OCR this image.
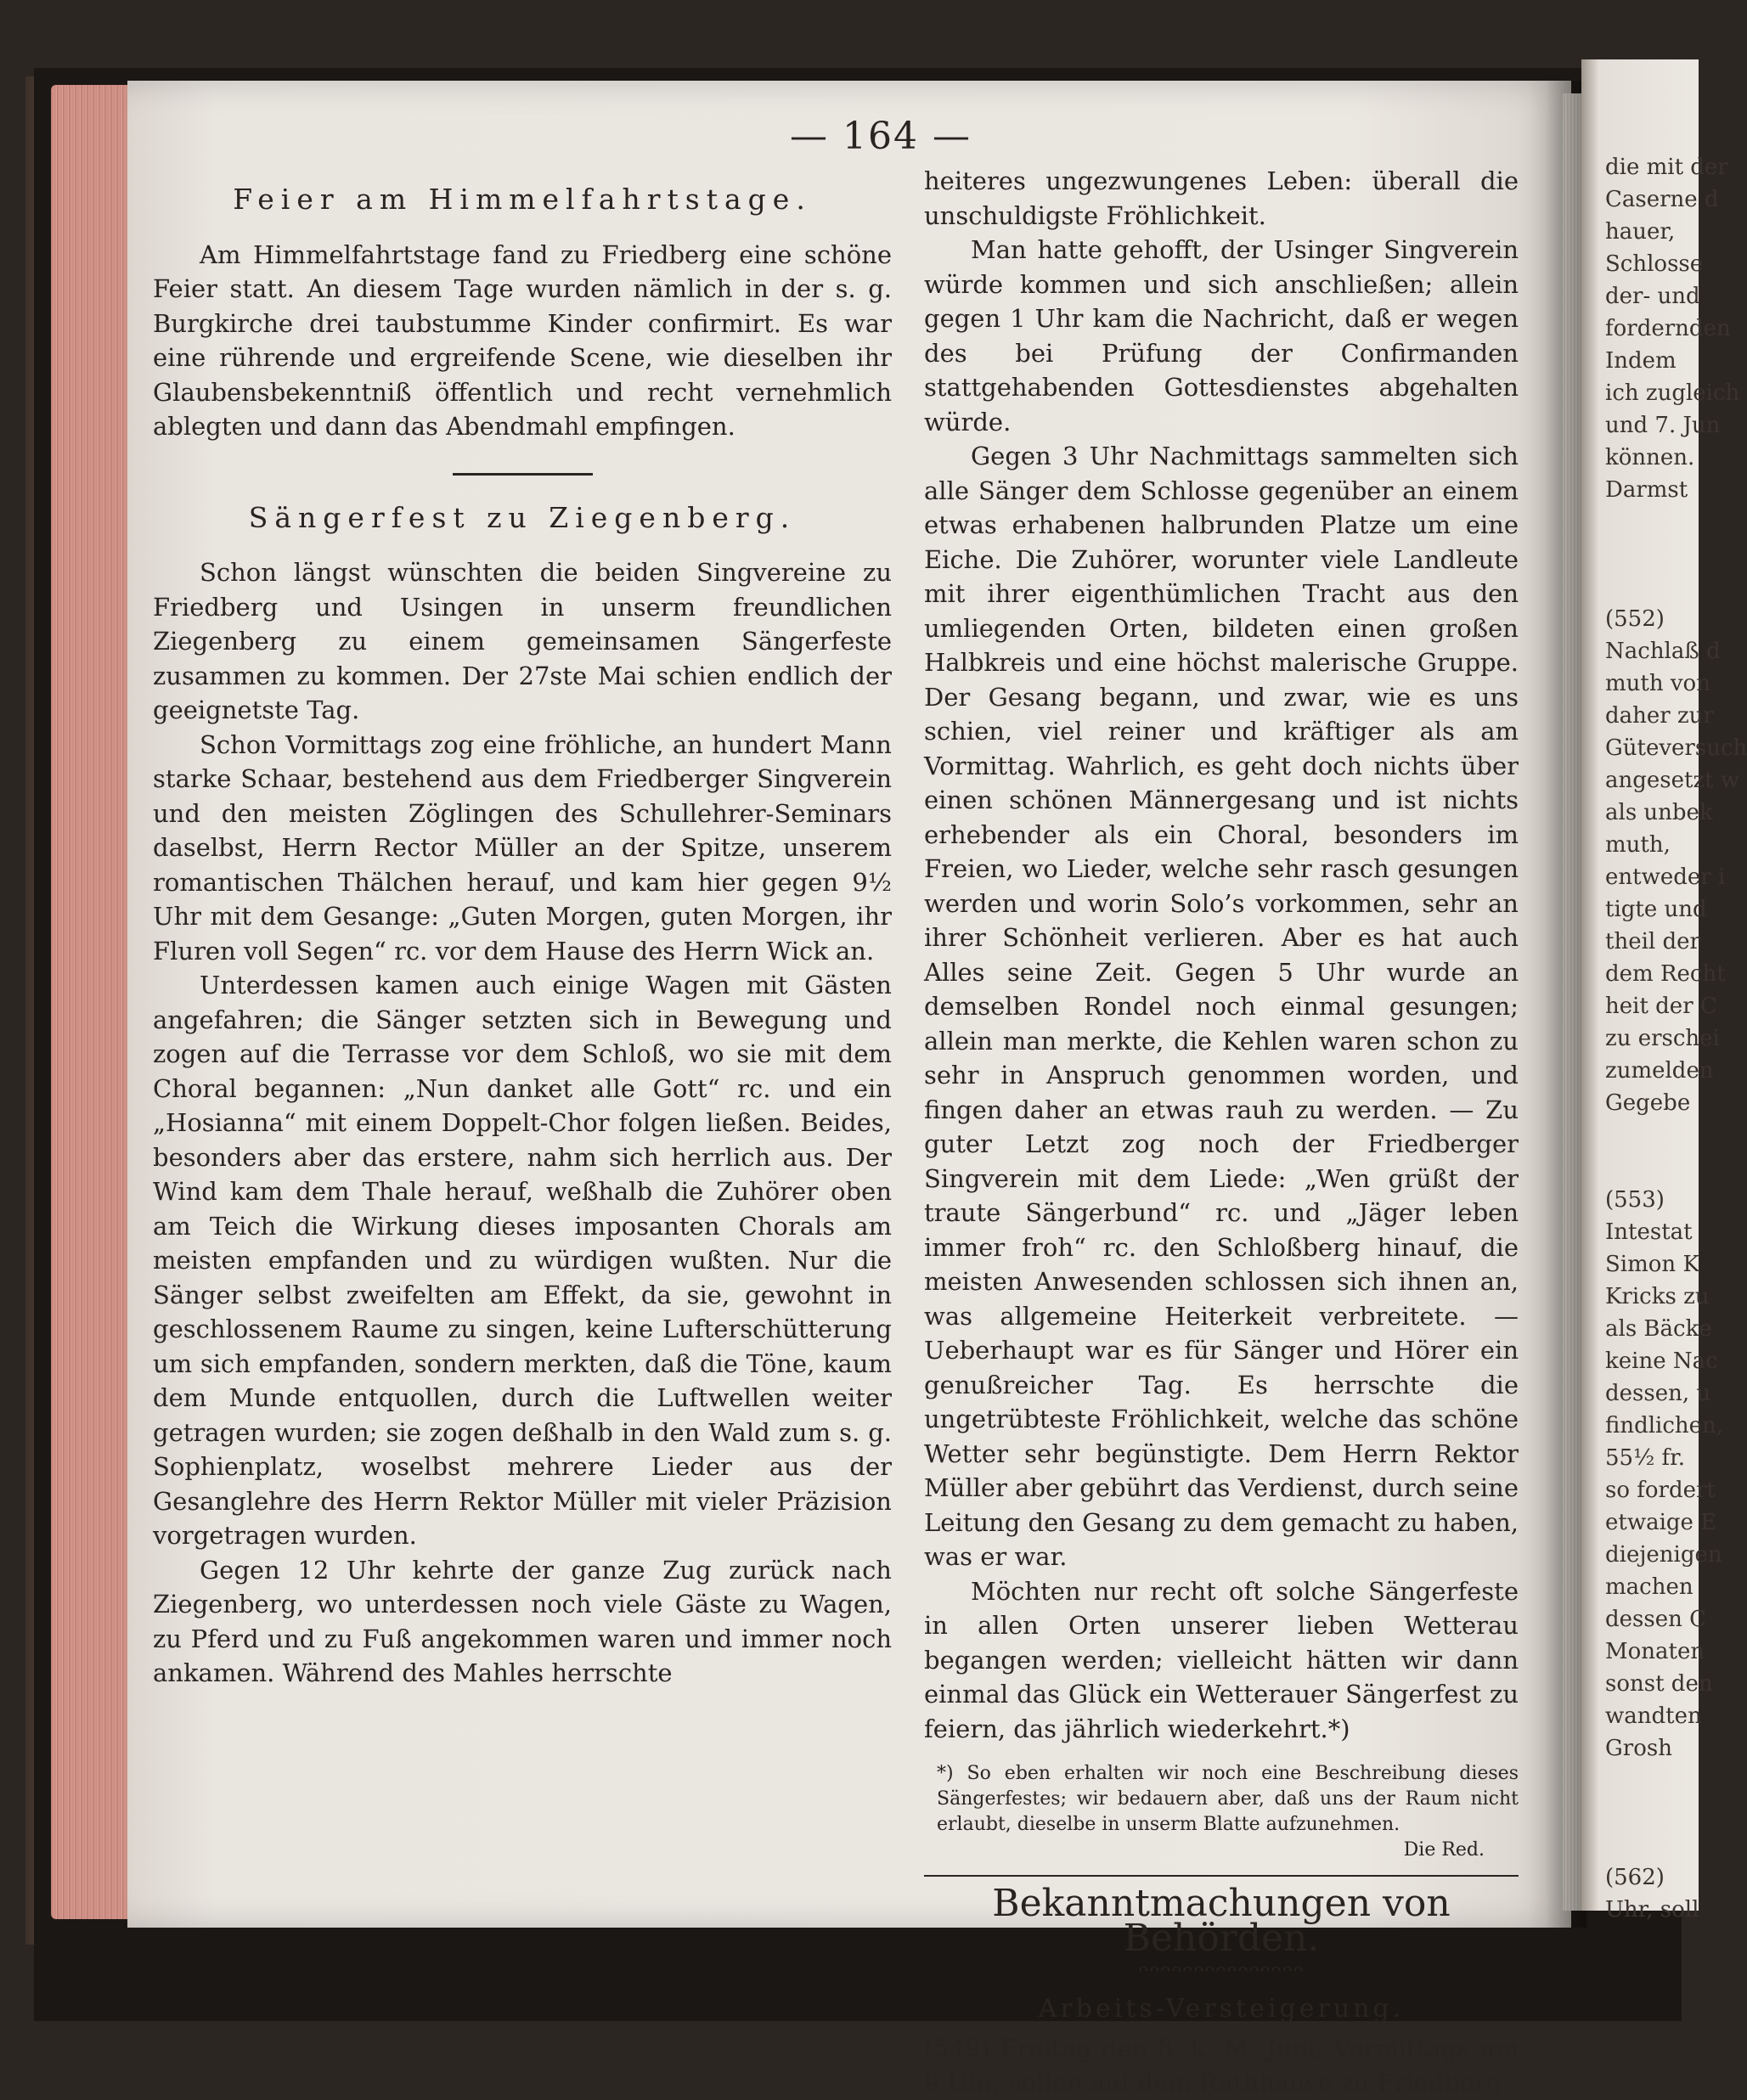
die mit der
Caserne d
hauer,
Schlosse
der- und
fordernden
Indem
ich zugleich
und 7. Jun
können.
Darmst
(552)
Nachlaß d
muth von
daher zur
Güteversuch
angesetzt w
als unbek
muth,
entweder i
tigte und
theil der
dem Recht
heit der C
zu erschei
zumelden
Gegebe
(553)
Intestat
Simon K
Kricks zu
als Bäcke
keine Nac
dessen, u
findlichen,
55½ fr.
so fordert
etwaige E
diejenigen
machen
dessen C
Monaten
sonst den
wandten
Grosh
(562)
Uhr, soll
— 164 —
Feier am Himmelfahrtstage.

Am Himmelfahrtstage fand zu Friedberg eine schöne Feier statt. An diesem Tage wurden nämlich in der s. g. Burgkirche drei taubstumme Kinder confirmirt. Es war eine rührende und ergreifende Scene, wie dieselben ihr Glaubensbekenntniß öffentlich und recht vernehmlich ablegten und dann das Abendmahl empfingen.

Sängerfest zu Ziegenberg.

Schon längst wünschten die beiden Singvereine zu Friedberg und Usingen in unserm freundlichen Ziegenberg zu einem gemeinsamen Sängerfeste zusammen zu kommen. Der 27ste Mai schien endlich der geeignetste Tag.

Schon Vormittags zog eine fröhliche, an hundert Mann starke Schaar, bestehend aus dem Friedberger Singverein und den meisten Zöglingen des Schullehrer-Seminars daselbst, Herrn Rector Müller an der Spitze, unserem romantischen Thälchen herauf, und kam hier gegen 9½ Uhr mit dem Gesange: „Guten Morgen, guten Morgen, ihr Fluren voll Segen“ rc. vor dem Hause des Herrn Wick an.

Unterdessen kamen auch einige Wagen mit Gästen angefahren; die Sänger setzten sich in Bewegung und zogen auf die Terrasse vor dem Schloß, wo sie mit dem Choral begannen: „Nun danket alle Gott“ rc. und ein „Hosianna“ mit einem Doppelt-Chor folgen ließen. Beides, besonders aber das erstere, nahm sich herrlich aus. Der Wind kam dem Thale herauf, weßhalb die Zuhörer oben am Teich die Wirkung dieses imposanten Chorals am meisten empfanden und zu würdigen wußten. Nur die Sänger selbst zweifelten am Effekt, da sie, gewohnt in geschlossenem Raume zu singen, keine Lufterschütterung um sich empfanden, sondern merkten, daß die Töne, kaum dem Munde entquollen, durch die Luftwellen weiter getragen wurden; sie zogen deßhalb in den Wald zum s. g. Sophienplatz, woselbst mehrere Lieder aus der Gesanglehre des Herrn Rektor Müller mit vieler Präzision vorgetragen wurden.

Gegen 12 Uhr kehrte der ganze Zug zurück nach Ziegenberg, wo unterdessen noch viele Gäste zu Wagen, zu Pferd und zu Fuß angekommen waren und immer noch ankamen. Während des Mahles herrschte

heiteres ungezwungenes Leben: überall die unschuldigste Fröhlichkeit.

Man hatte gehofft, der Usinger Singverein würde kommen und sich anschließen; allein gegen 1 Uhr kam die Nachricht, daß er wegen des bei Prüfung der Confirmanden stattgehabenden Gottesdienstes abgehalten würde.

Gegen 3 Uhr Nachmittags sammelten sich alle Sänger dem Schlosse gegenüber an einem etwas erhabenen halbrunden Platze um eine Eiche. Die Zuhörer, worunter viele Landleute mit ihrer eigenthümlichen Tracht aus den umliegenden Orten, bildeten einen großen Halbkreis und eine höchst malerische Gruppe. Der Gesang begann, und zwar, wie es uns schien, viel reiner und kräftiger als am Vormittag. Wahrlich, es geht doch nichts über einen schönen Männergesang und ist nichts erhebender als ein Choral, besonders im Freien, wo Lieder, welche sehr rasch gesungen werden und worin Solo’s vorkommen, sehr an ihrer Schönheit verlieren. Aber es hat auch Alles seine Zeit. Gegen 5 Uhr wurde an demselben Rondel noch einmal gesungen; allein man merkte, die Kehlen waren schon zu sehr in Anspruch genommen worden, und fingen daher an etwas rauh zu werden. — Zu guter Letzt zog noch der Friedberger Singverein mit dem Liede: „Wen grüßt der traute Sängerbund“ rc. und „Jäger leben immer froh“ rc. den Schloßberg hinauf, die meisten Anwesenden schlossen sich ihnen an, was allgemeine Heiterkeit verbreitete. — Ueberhaupt war es für Sänger und Hörer ein genußreicher Tag. Es herrschte die ungetrübteste Fröhlichkeit, welche das schöne Wetter sehr begünstigte. Dem Herrn Rektor Müller aber gebührt das Verdienst, durch seine Leitung den Gesang zu dem gemacht zu haben, was er war.

Möchten nur recht oft solche Sängerfeste in allen Orten unserer lieben Wetterau begangen werden; vielleicht hätten wir dann einmal das Glück ein Wetterauer Sängerfest zu feiern, das jährlich wiederkehrt.*)

*) So eben erhalten wir noch eine Beschreibung dieses Sängerfestes; wir bedauern aber, daß uns der Raum nicht erlaubt, dieselbe in unserm Blatte aufzunehmen.
Die Red.
Bekanntmachungen von Behörden.
ᴖᴖᴖᴖᴖᴖᴖᴖᴖᴖᴖᴖᴖᴖᴖ
Arbeits-Versteigerung.

(549) Freitag den 8. k. M. Juni, Vormittags um 9 Uhr, sollen auf dem Rathhause zu Friedberg
